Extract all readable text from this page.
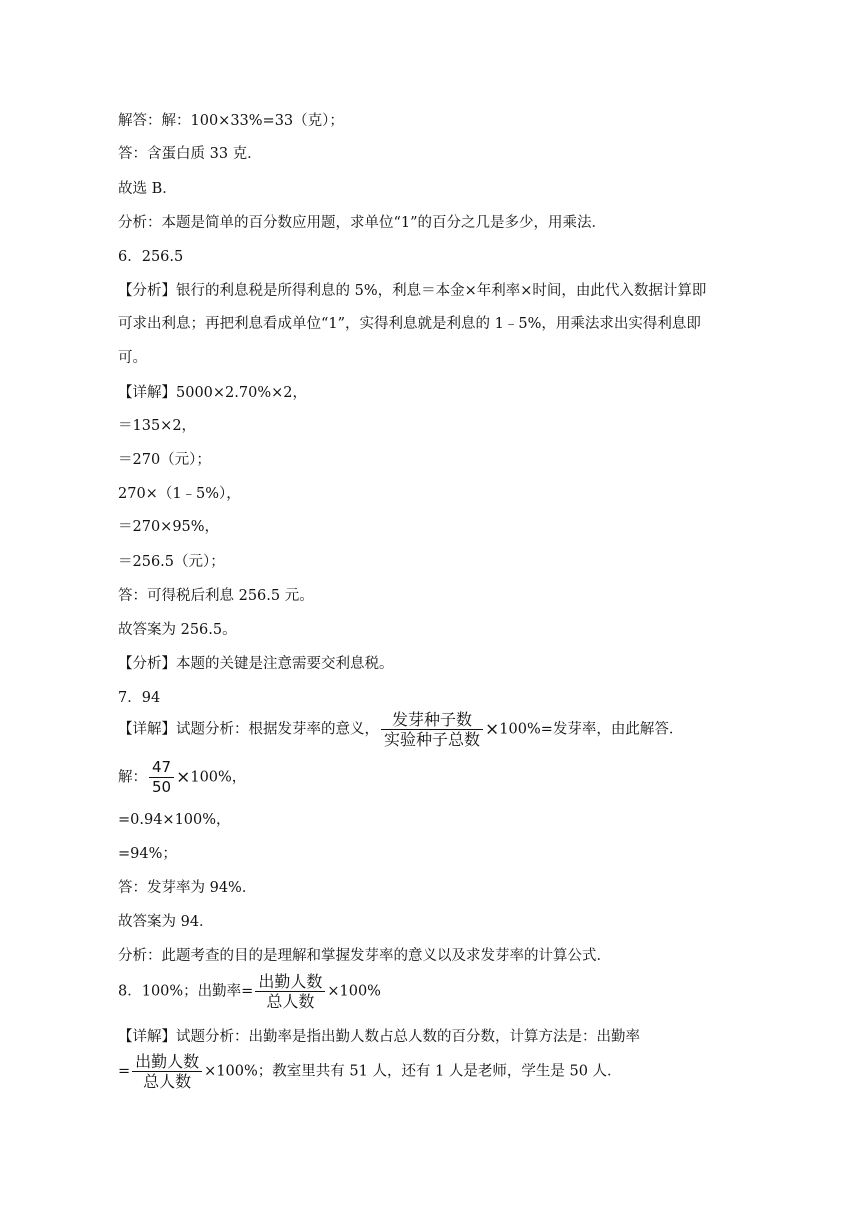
解答：解：100×33%=33（克）；
答：含蛋白质 33 克．
故选 B．
分析：本题是简单的百分数应用题，求单位“1”的百分之几是多少，用乘法．
6．256.5
【分析】银行的利息税是所得利息的 5%，利息＝本金×年利率×时间，由此代入数据计算即
可求出利息；再把利息看成单位“1”，实得利息就是利息的 1﹣5%，用乘法求出实得利息即
可。
【详解】5000×2.70%×2，
＝135×2，
＝270（元）；
270×（1﹣5%），
＝270×95%，
＝256.5（元）；
答：可得税后利息 256.5 元。
故答案为 256.5。
【分析】本题的关键是注意需要交利息税。
7．94
【详解】试题分析：根据发芽率的意义， $\frac{\text{发芽种子数}}{\text{实验种子总数}} \times 100\%=$发芽率，由此解答．
解： $\frac{47}{50} \times 100\%$，
=0.94×100%，
=94%；
答：发芽率为 94%．
故答案为 94．
分析：此题考查的目的是理解和掌握发芽率的意义以及求发芽率的计算公式．
8．100%；出勤率= $\frac{\text{出勤人数}}{\text{总人数}} \times 100\%$
【详解】试题分析：出勤率是指出勤人数占总人数的百分数，计算方法是：出勤率
= $\frac{\text{出勤人数}}{\text{总人数}} \times 100\%$；教室里共有 51 人，还有 1 人是老师，学生是 50 人．
